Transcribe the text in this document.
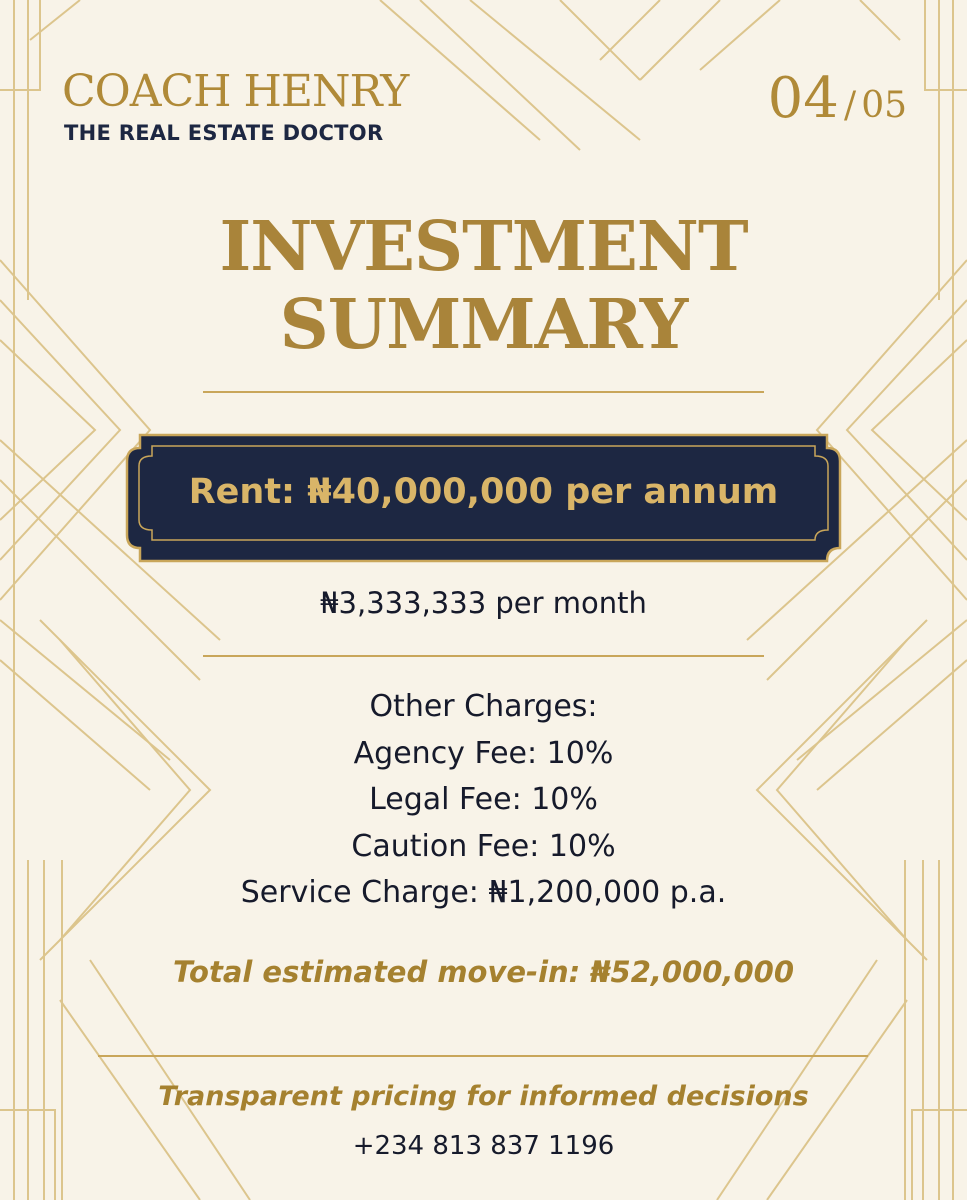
COACH HENRY
THE REAL ESTATE DOCTOR
04 / 05
INVESTMENT
SUMMARY
Rent: ₦40,000,000 per annum
₦3,333,333 per month
Other Charges:
Agency Fee: 10%
Legal Fee: 10%
Caution Fee: 10%
Service Charge: ₦1,200,000 p.a.
Total estimated move-in: ₦52,000,000
Transparent pricing for informed decisions
+234 813 837 1196
